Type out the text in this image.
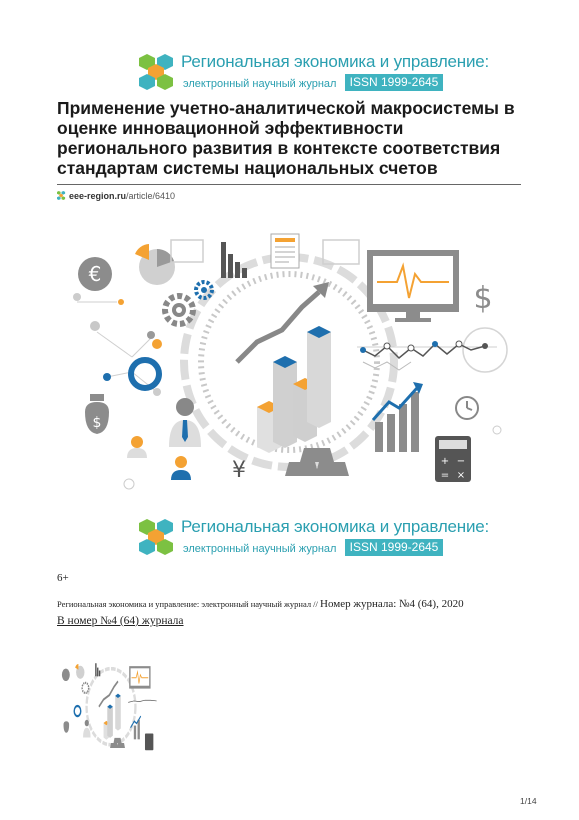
Региональная экономика и управление:
электронный научный журнал	ISSN 1999-2645
Применение учетно-аналитической макросистемы в оценке инновационной эффективности регионального развития в контексте соответствия стандартам системы национальных счетов
eee-region.ru/article/6410
€
$
¥
$
+ −
= ×
Региональная экономика и управление:
электронный научный журнал	ISSN 1999-2645
6+
Региональная экономика и управление: электронный научный журнал // Номер журнала: №4 (64), 2020
В номер №4 (64) журнала
1/14
